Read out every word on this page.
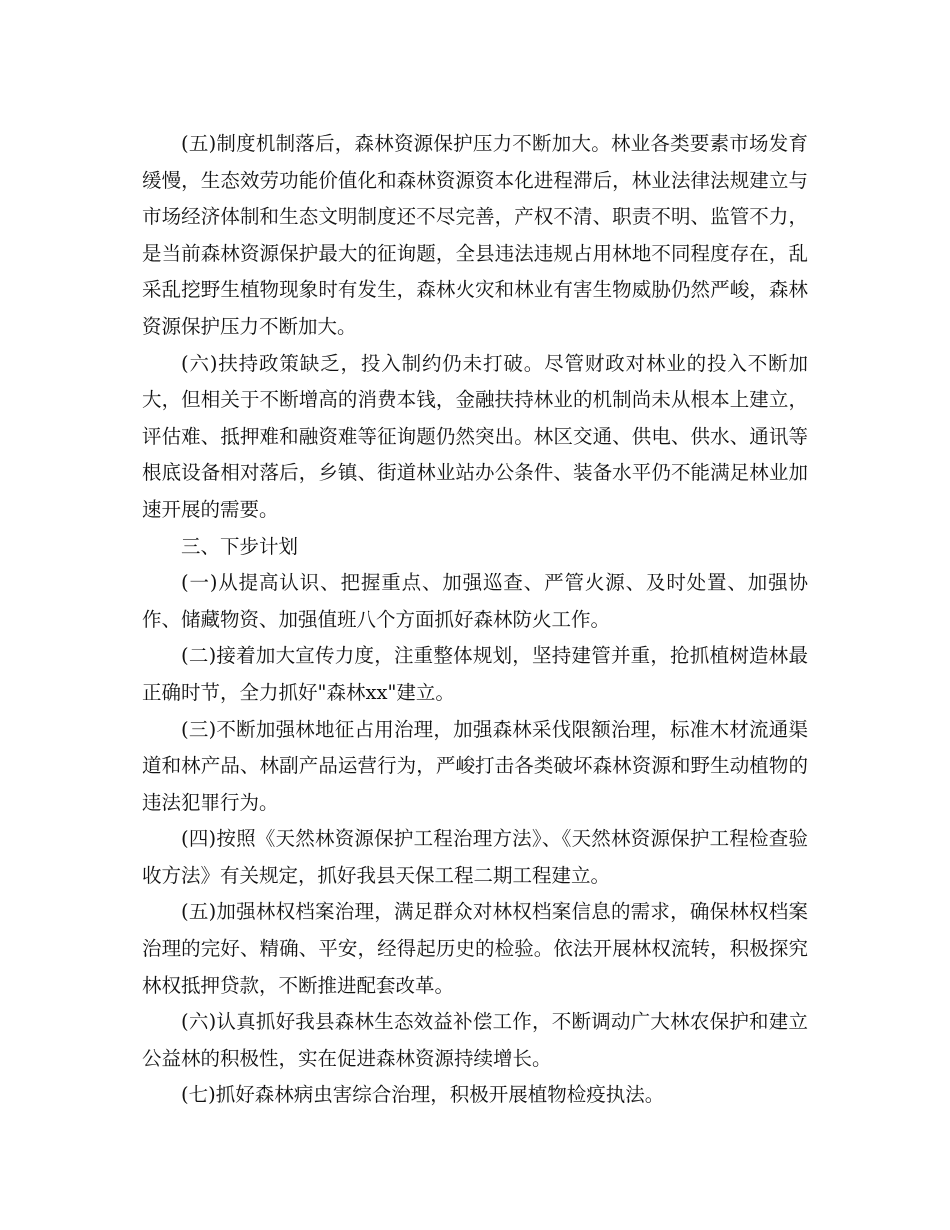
(五)制度机制落后，森林资源保护压力不断加大。林业各类要素市场发育缓慢，生态效劳功能价值化和森林资源资本化进程滞后，林业法律法规建立与市场经济体制和生态文明制度还不尽完善，产权不清、职责不明、监管不力，是当前森林资源保护最大的征询题，全县违法违规占用林地不同程度存在，乱采乱挖野生植物现象时有发生，森林火灾和林业有害生物威胁仍然严峻，森林资源保护压力不断加大。

(六)扶持政策缺乏，投入制约仍未打破。尽管财政对林业的投入不断加大，但相关于不断增高的消费本钱，金融扶持林业的机制尚未从根本上建立，评估难、抵押难和融资难等征询题仍然突出。林区交通、供电、供水、通讯等根底设备相对落后，乡镇、街道林业站办公条件、装备水平仍不能满足林业加速开展的需要。

三、下步计划

(一)从提高认识、把握重点、加强巡查、严管火源、及时处置、加强协作、储藏物资、加强值班八个方面抓好森林防火工作。

(二)接着加大宣传力度，注重整体规划，坚持建管并重，抢抓植树造林最正确时节，全力抓好"森林xx"建立。

(三)不断加强林地征占用治理，加强森林采伐限额治理，标准木材流通渠道和林产品、林副产品运营行为，严峻打击各类破坏森林资源和野生动植物的违法犯罪行为。

(四)按照《天然林资源保护工程治理方法》、《天然林资源保护工程检查验收方法》有关规定，抓好我县天保工程二期工程建立。

(五)加强林权档案治理，满足群众对林权档案信息的需求，确保林权档案治理的完好、精确、平安，经得起历史的检验。依法开展林权流转，积极探究林权抵押贷款，不断推进配套改革。

(六)认真抓好我县森林生态效益补偿工作，不断调动广大林农保护和建立公益林的积极性，实在促进森林资源持续增长。

(七)抓好森林病虫害综合治理，积极开展植物检疫执法。
